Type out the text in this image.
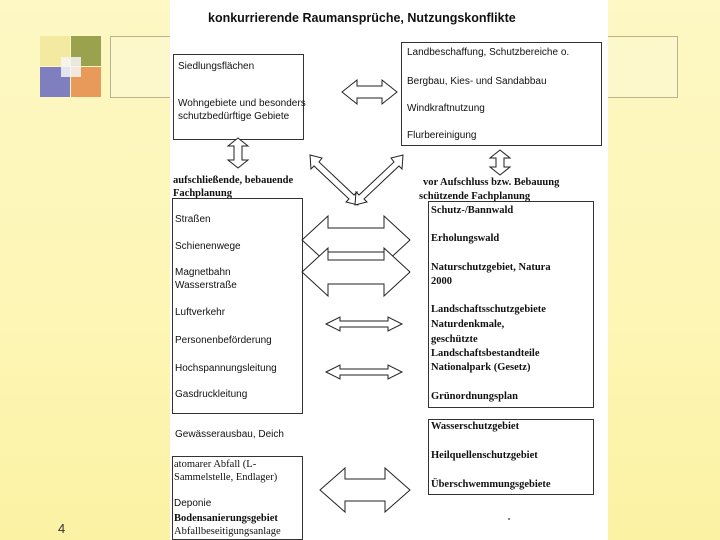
4
konkurrierende Raumansprüche, Nutzungskonflikte
Siedlungsflächen
Wohngebiete und besonders
schutzbedürftige Gebiete
Landbeschaffung, Schutzbereiche o.
Bergbau, Kies- und Sandabbau
Windkraftnutzung
Flurbereinigung
aufschließende, bebauende
Fachplanung
vor Aufschluss bzw. Bebauung
schützende Fachplanung
Straßen
Schienenwege
Magnetbahn
Wasserstraße
Luftverkehr
Personenbeförderung
Hochspannungsleitung
Gasdruckleitung
Gewässerausbau, Deich
atomarer Abfall (L-
Sammelstelle, Endlager)
Deponie
Bodensanierungsgebiet
Abfallbeseitigungsanlage
Schutz-/Bannwald
Erholungswald
Naturschutzgebiet, Natura
2000
Landschaftsschutzgebiete
Naturdenkmale,
geschützte
Landschaftsbestandteile
Nationalpark (Gesetz)
Grünordnungsplan
Wasserschutzgebiet
Heilquellenschutzgebiet
Überschwemmungsgebiete
